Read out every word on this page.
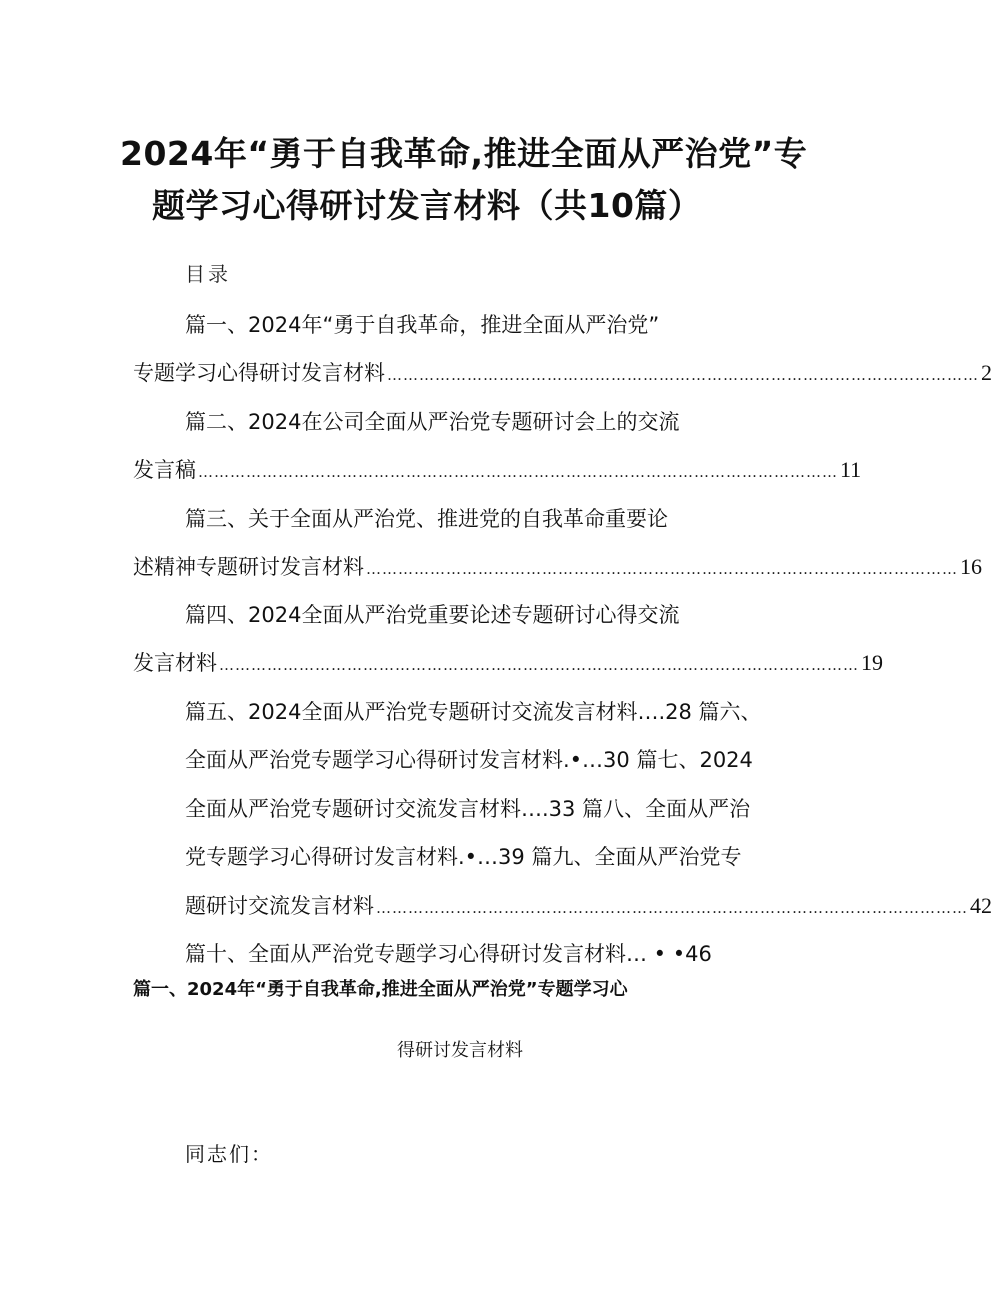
2024年“勇于自我革命,推进全面从严治党”专
题学习心得研讨发言材料（共10篇）
目录
篇一、2024年“勇于自我革命，推进全面从严治党”
专题学习心得研讨发言材料 ………………………………………………………………………………………………… 2
篇二、2024在公司全面从严治党专题研讨会上的交流
发言稿 ………………………………………………………………………………………………………… 11
篇三、关于全面从严治党、推进党的自我革命重要论
述精神专题研讨发言材料 ………………………………………………………………………………………………… 16
篇四、2024全面从严治党重要论述专题研讨心得交流
发言材料 ………………………………………………………………………………………………………… 19
篇五、2024全面从严治党专题研讨交流发言材料….28 篇六、
全面从严治党专题学习心得研讨发言材料.•…30 篇七、2024
全面从严治党专题研讨交流发言材料….33 篇八、全面从严治
党专题学习心得研讨发言材料.•…39 篇九、全面从严治党专
题研讨交流发言材料 ………………………………………………………………………………………………… 42
篇十、全面从严治党专题学习心得研讨发言材料… • •46
篇一、2024年“勇于自我革命,推进全面从严治党”专题学习心
得研讨发言材料
同志们：
